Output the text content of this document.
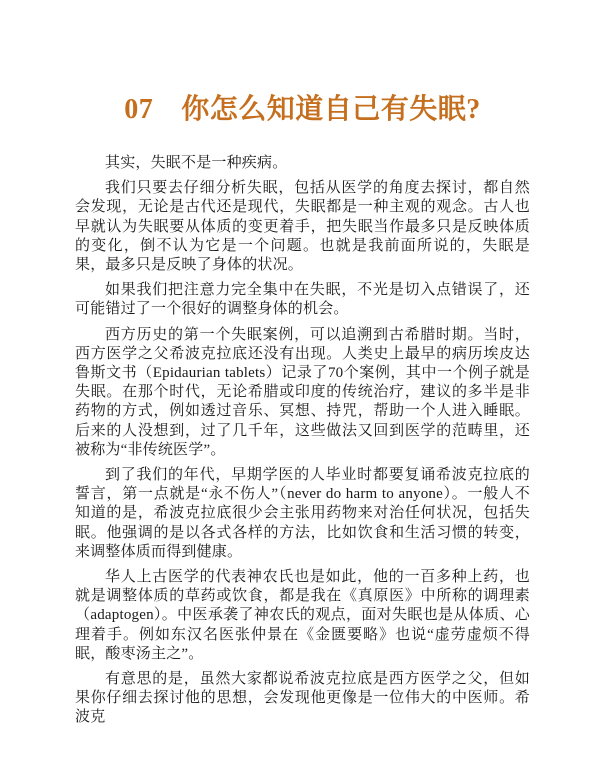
07 你怎么知道自己有失眠?

其实，失眠不是一种疾病。

我们只要去仔细分析失眠，包括从医学的角度去探讨，都自然会发现，无论是古代还是现代，失眠都是一种主观的观念。古人也早就认为失眠要从体质的变更着手，把失眠当作最多只是反映体质的变化，倒不认为它是一个问题。也就是我前面所说的，失眠是果，最多只是反映了身体的状况。

如果我们把注意力完全集中在失眠，不光是切入点错误了，还可能错过了一个很好的调整身体的机会。

西方历史的第一个失眠案例，可以追溯到古希腊时期。当时，西方医学之父希波克拉底还没有出现。人类史上最早的病历埃皮达鲁斯文书（Epidaurian tablets）记录了70个案例，其中一个例子就是失眠。在那个时代，无论希腊或印度的传统治疗，建议的多半是非药物的方式，例如透过音乐、冥想、持咒，帮助一个人进入睡眠。后来的人没想到，过了几千年，这些做法又回到医学的范畴里，还被称为“非传统医学”。

到了我们的年代，早期学医的人毕业时都要复诵希波克拉底的誓言，第一点就是“永不伤人”（never do harm to anyone）。一般人不知道的是，希波克拉底很少会主张用药物来对治任何状况，包括失眠。他强调的是以各式各样的方法，比如饮食和生活习惯的转变，来调整体质而得到健康。

华人上古医学的代表神农氏也是如此，他的一百多种上药，也就是调整体质的草药或饮食，都是我在《真原医》中所称的调理素（adaptogen）。中医承袭了神农氏的观点，面对失眠也是从体质、心理着手。例如东汉名医张仲景在《金匮要略》也说“虚劳虚烦不得眠，酸枣汤主之”。

有意思的是，虽然大家都说希波克拉底是西方医学之父，但如果你仔细去探讨他的思想，会发现他更像是一位伟大的中医师。希波克
